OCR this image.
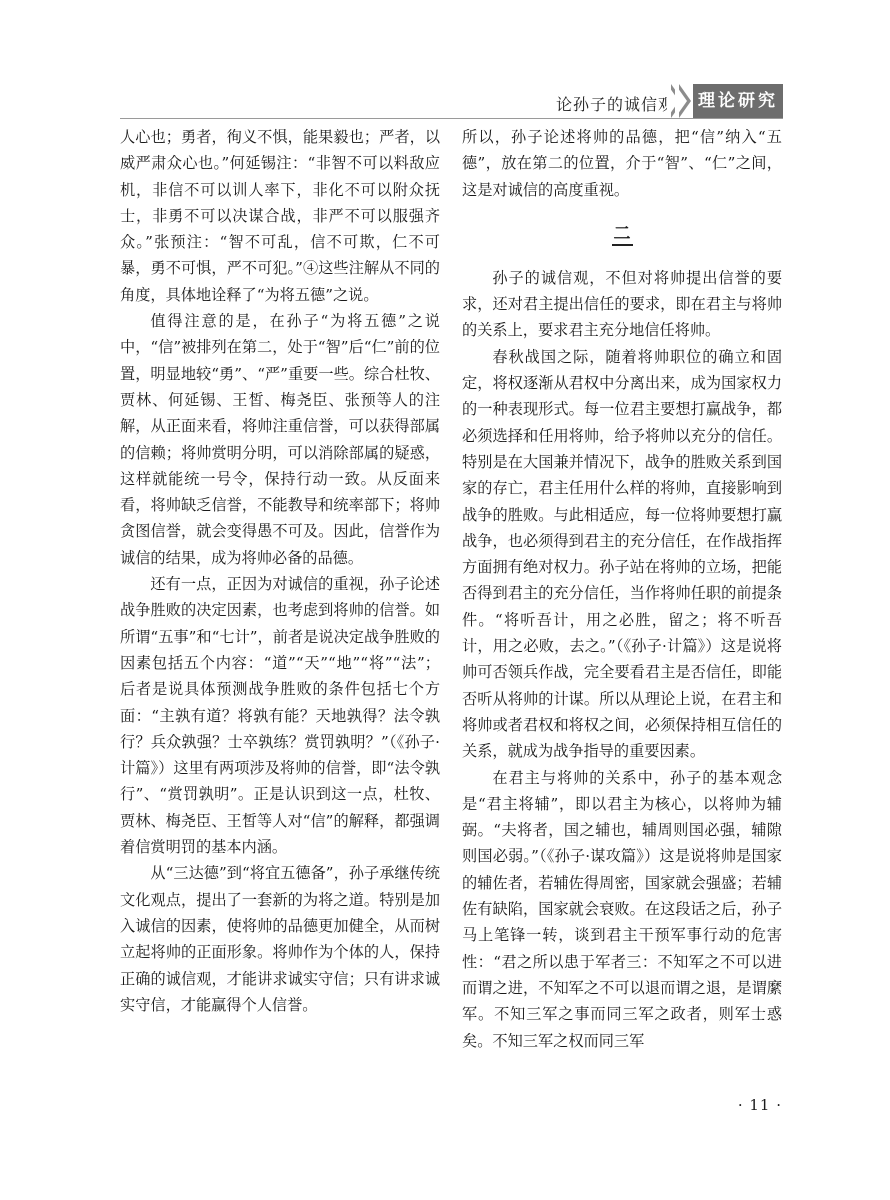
论孙子的诚信观 理论研究

人心也；勇者，徇义不惧，能果毅也；严者，以威严肃众心也。”何延锡注：“非智不可以料敌应机，非信不可以训人率下，非化不可以附众抚士，非勇不可以决谋合战，非严不可以服强齐众。”张预注：“智不可乱，信不可欺，仁不可暴，勇不可惧，严不可犯。”④这些注解从不同的角度，具体地诠释了“为将五德”之说。

值得注意的是，在孙子“为将五德”之说中，“信”被排列在第二，处于“智”后“仁”前的位置，明显地较“勇”、“严”重要一些。综合杜牧、贾林、何延锡、王皙、梅尧臣、张预等人的注解，从正面来看，将帅注重信誉，可以获得部属的信赖；将帅赏明分明，可以消除部属的疑惑，这样就能统一号令，保持行动一致。从反面来看，将帅缺乏信誉，不能教导和统率部下；将帅贪图信誉，就会变得愚不可及。因此，信誉作为诚信的结果，成为将帅必备的品德。

还有一点，正因为对诚信的重视，孙子论述战争胜败的决定因素，也考虑到将帅的信誉。如所谓“五事”和“七计”，前者是说决定战争胜败的因素包括五个内容：“道”“天”“地”“将”“法”；后者是说具体预测战争胜败的条件包括七个方面：“主孰有道？将孰有能？天地孰得？法令孰行？兵众孰强？士卒孰练？赏罚孰明？”（《孙子·计篇》）这里有两项涉及将帅的信誉，即“法令孰行”、“赏罚孰明”。正是认识到这一点，杜牧、贾林、梅尧臣、王皙等人对“信”的解释，都强调着信赏明罚的基本内涵。

从“三达德”到“将宜五德备”，孙子承继传统文化观点，提出了一套新的为将之道。特别是加入诚信的因素，使将帅的品德更加健全，从而树立起将帅的正面形象。将帅作为个体的人，保持正确的诚信观，才能讲求诚实守信；只有讲求诚实守信，才能赢得个人信誉。

所以，孙子论述将帅的品德，把“信”纳入“五德”，放在第二的位置，介于“智”、“仁”之间，这是对诚信的高度重视。

二

孙子的诚信观，不但对将帅提出信誉的要求，还对君主提出信任的要求，即在君主与将帅的关系上，要求君主充分地信任将帅。

春秋战国之际，随着将帅职位的确立和固定，将权逐渐从君权中分离出来，成为国家权力的一种表现形式。每一位君主要想打赢战争，都必须选择和任用将帅，给予将帅以充分的信任。特别是在大国兼并情况下，战争的胜败关系到国家的存亡，君主任用什么样的将帅，直接影响到战争的胜败。与此相适应，每一位将帅要想打赢战争，也必须得到君主的充分信任，在作战指挥方面拥有绝对权力。孙子站在将帅的立场，把能否得到君主的充分信任，当作将帅任职的前提条件。“将听吾计，用之必胜，留之；将不听吾计，用之必败，去之。”（《孙子·计篇》）这是说将帅可否领兵作战，完全要看君主是否信任，即能否听从将帅的计谋。所以从理论上说，在君主和将帅或者君权和将权之间，必须保持相互信任的关系，就成为战争指导的重要因素。

在君主与将帅的关系中，孙子的基本观念是“君主将辅”，即以君主为核心，以将帅为辅弼。“夫将者，国之辅也，辅周则国必强，辅隙则国必弱。”（《孙子·谋攻篇》）这是说将帅是国家的辅佐者，若辅佐得周密，国家就会强盛；若辅佐有缺陷，国家就会衰败。在这段话之后，孙子马上笔锋一转，谈到君主干预军事行动的危害性：“君之所以患于军者三：不知军之不可以进而谓之进，不知军之不可以退而谓之退，是谓縻军。不知三军之事而同三军之政者，则军士惑矣。不知三军之权而同三军

· 11 ·
